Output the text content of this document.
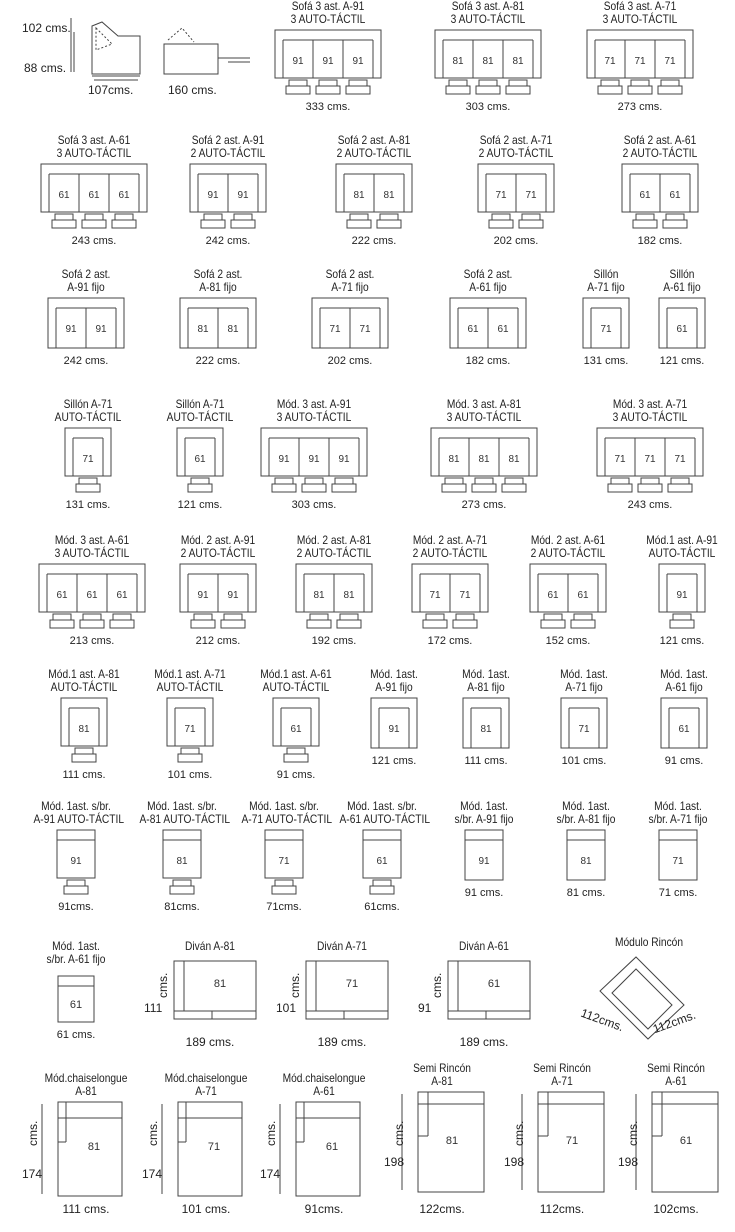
102 cms.
88 cms.
107cms.	160 cms.
Sofá 3 ast. A-91
3 AUTO-TÁCTIL
91 91 91
333 cms.
Sofá 3 ast. A-81
3 AUTO-TÁCTIL
81 81 81
303 cms.
Sofá 3 ast. A-71
3 AUTO-TÁCTIL
71 71 71
273 cms.
Sofá 3 ast. A-61
3 AUTO-TÁCTIL
61 61 61
243 cms.
Sofá 2 ast. A-91
2 AUTO-TÁCTIL
91 91
242 cms.
Sofá 2 ast. A-81
2 AUTO-TÁCTIL
81 81
222 cms.
Sofá 2 ast. A-71
2 AUTO-TÁCTIL
71 71
202 cms.
Sofá 2 ast. A-61
2 AUTO-TÁCTIL
61 61
182 cms.
Sofá 2 ast.
A-91 fijo
91 91
242 cms.
Sofá 2 ast.
A-81 fijo
81 81
222 cms.
Sofá 2 ast.
A-71 fijo
71 71
202 cms.
Sofá 2 ast.
A-61 fijo
61 61
182 cms.
Sillón
A-71 fijo
71
131 cms.
Sillón
A-61 fijo
61
121 cms.
Sillón A-71
AUTO-TÁCTIL
71
131 cms.
Sillón A-71
AUTO-TÁCTIL
61
121 cms.
Mód. 3 ast. A-91
3 AUTO-TÁCTIL
91 91 91
303 cms.
Mód. 3 ast. A-81
3 AUTO-TÁCTIL
81 81 81
273 cms.
Mód. 3 ast. A-71
3 AUTO-TÁCTIL
71 71 71
243 cms.
Mód. 3 ast. A-61
3 AUTO-TÁCTIL
61 61 61
213 cms.
Mód. 2 ast. A-91
2 AUTO-TÁCTIL
91 91
212 cms.
Mód. 2 ast. A-81
2 AUTO-TÁCTIL
81 81
192 cms.
Mód. 2 ast. A-71
2 AUTO-TÁCTIL
71 71
172 cms.
Mód. 2 ast. A-61
2 AUTO-TÁCTIL
61 61
152 cms.
Mód.1 ast. A-91
AUTO-TÁCTIL
91
121 cms.
Mód.1 ast. A-81
AUTO-TÁCTIL
81
111 cms.
Mód.1 ast. A-71
AUTO-TÁCTIL
71
101 cms.
Mód.1 ast. A-61
AUTO-TÁCTIL
61
91 cms.
Mód. 1ast.
A-91 fijo
91
121 cms.
Mód. 1ast.
A-81 fijo
81
111 cms.
Mód. 1ast.
A-71 fijo
71
101 cms.
Mód. 1ast.
A-61 fijo
61
91 cms.
Mód. 1ast. s/br.
A-91 AUTO-TÁCTIL
91
91cms.
Mód. 1ast. s/br.
A-81 AUTO-TÁCTIL
81
81cms.
Mód. 1ast. s/br.
A-71 AUTO-TÁCTIL
71
71cms.
Mód. 1ast. s/br.
A-61 AUTO-TÁCTIL
61
61cms.
Mód. 1ast.
s/br. A-91 fijo
91
91 cms.
Mód. 1ast.
s/br. A-81 fijo
81
81 cms.
Mód. 1ast.
s/br. A-71 fijo
71
71 cms.
Mód. 1ast.
s/br. A-61 fijo
61
61 cms.
Diván A-81
81
111
cms.
189 cms.
Diván A-71
71
101
cms.
189 cms.
Diván A-61
61
91
cms.
189 cms.
Módulo Rincón
112cms. 112cms.
Mód.chaiselongue
A-81
81
174
cms.
111 cms.
Mód.chaiselongue
A-71
71
174
cms.
101 cms.
Mód.chaiselongue
A-61
61
174
cms.
91cms.
Semi Rincón
A-81
81
198
cms.
122cms.
Semi Rincón
A-71
71
198
cms.
112cms.
Semi Rincón
A-61
61
198
cms.
102cms.
